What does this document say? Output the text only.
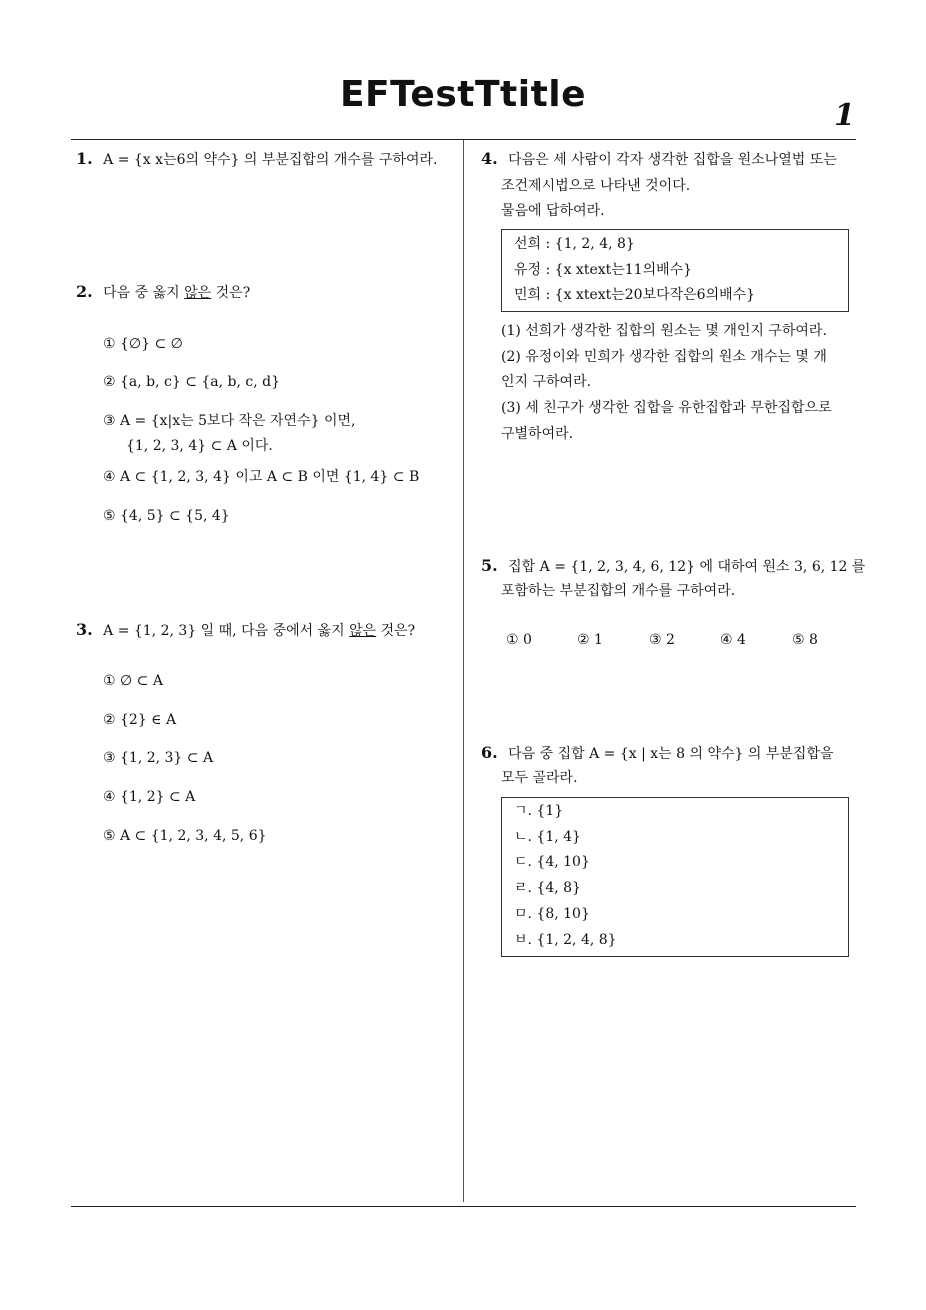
EFTestTtitle
1
1. A = {x x는6의 약수} 의 부분집합의 개수를 구하여라.
2. 다음 중 옳지 않은 것은?
① {∅} ⊂ ∅
② {a, b, c} ⊂ {a, b, c, d}
③ A = {x|x는 5보다 작은 자연수} 이면,
{1, 2, 3, 4} ⊂ A 이다.
④ A ⊂ {1, 2, 3, 4} 이고 A ⊂ B 이면 {1, 4} ⊂ B
⑤ {4, 5} ⊂ {5, 4}
3. A = {1, 2, 3} 일 때, 다음 중에서 옳지 않은 것은?
① ∅ ⊂ A
② {2} ∈ A
③ {1, 2, 3} ⊂ A
④ {1, 2} ⊂ A
⑤ A ⊂ {1, 2, 3, 4, 5, 6}
4. 다음은 세 사람이 각자 생각한 집합을 원소나열법 또는
조건제시법으로 나타낸 것이다.
물음에 답하여라.
선희 : {1, 2, 4, 8}
유정 : {x xtext는11의배수}
민희 : {x xtext는20보다작은6의배수}
(1) 선희가 생각한 집합의 원소는 몇 개인지 구하여라.
(2) 유정이와 민희가 생각한 집합의 원소 개수는 몇 개
인지 구하여라.
(3) 세 친구가 생각한 집합을 유한집합과 무한집합으로
구별하여라.
5. 집합 A = {1, 2, 3, 4, 6, 12} 에 대하여 원소 3, 6, 12 를
포함하는 부분집합의 개수를 구하여라.
① 0	② 1	③ 2	④ 4	⑤ 8
6. 다음 중 집합 A = {x | x는 8 의 약수} 의 부분집합을
모두 골라라.
ㄱ. {1}
ㄴ. {1, 4}
ㄷ. {4, 10}
ㄹ. {4, 8}
ㅁ. {8, 10}
ㅂ. {1, 2, 4, 8}
